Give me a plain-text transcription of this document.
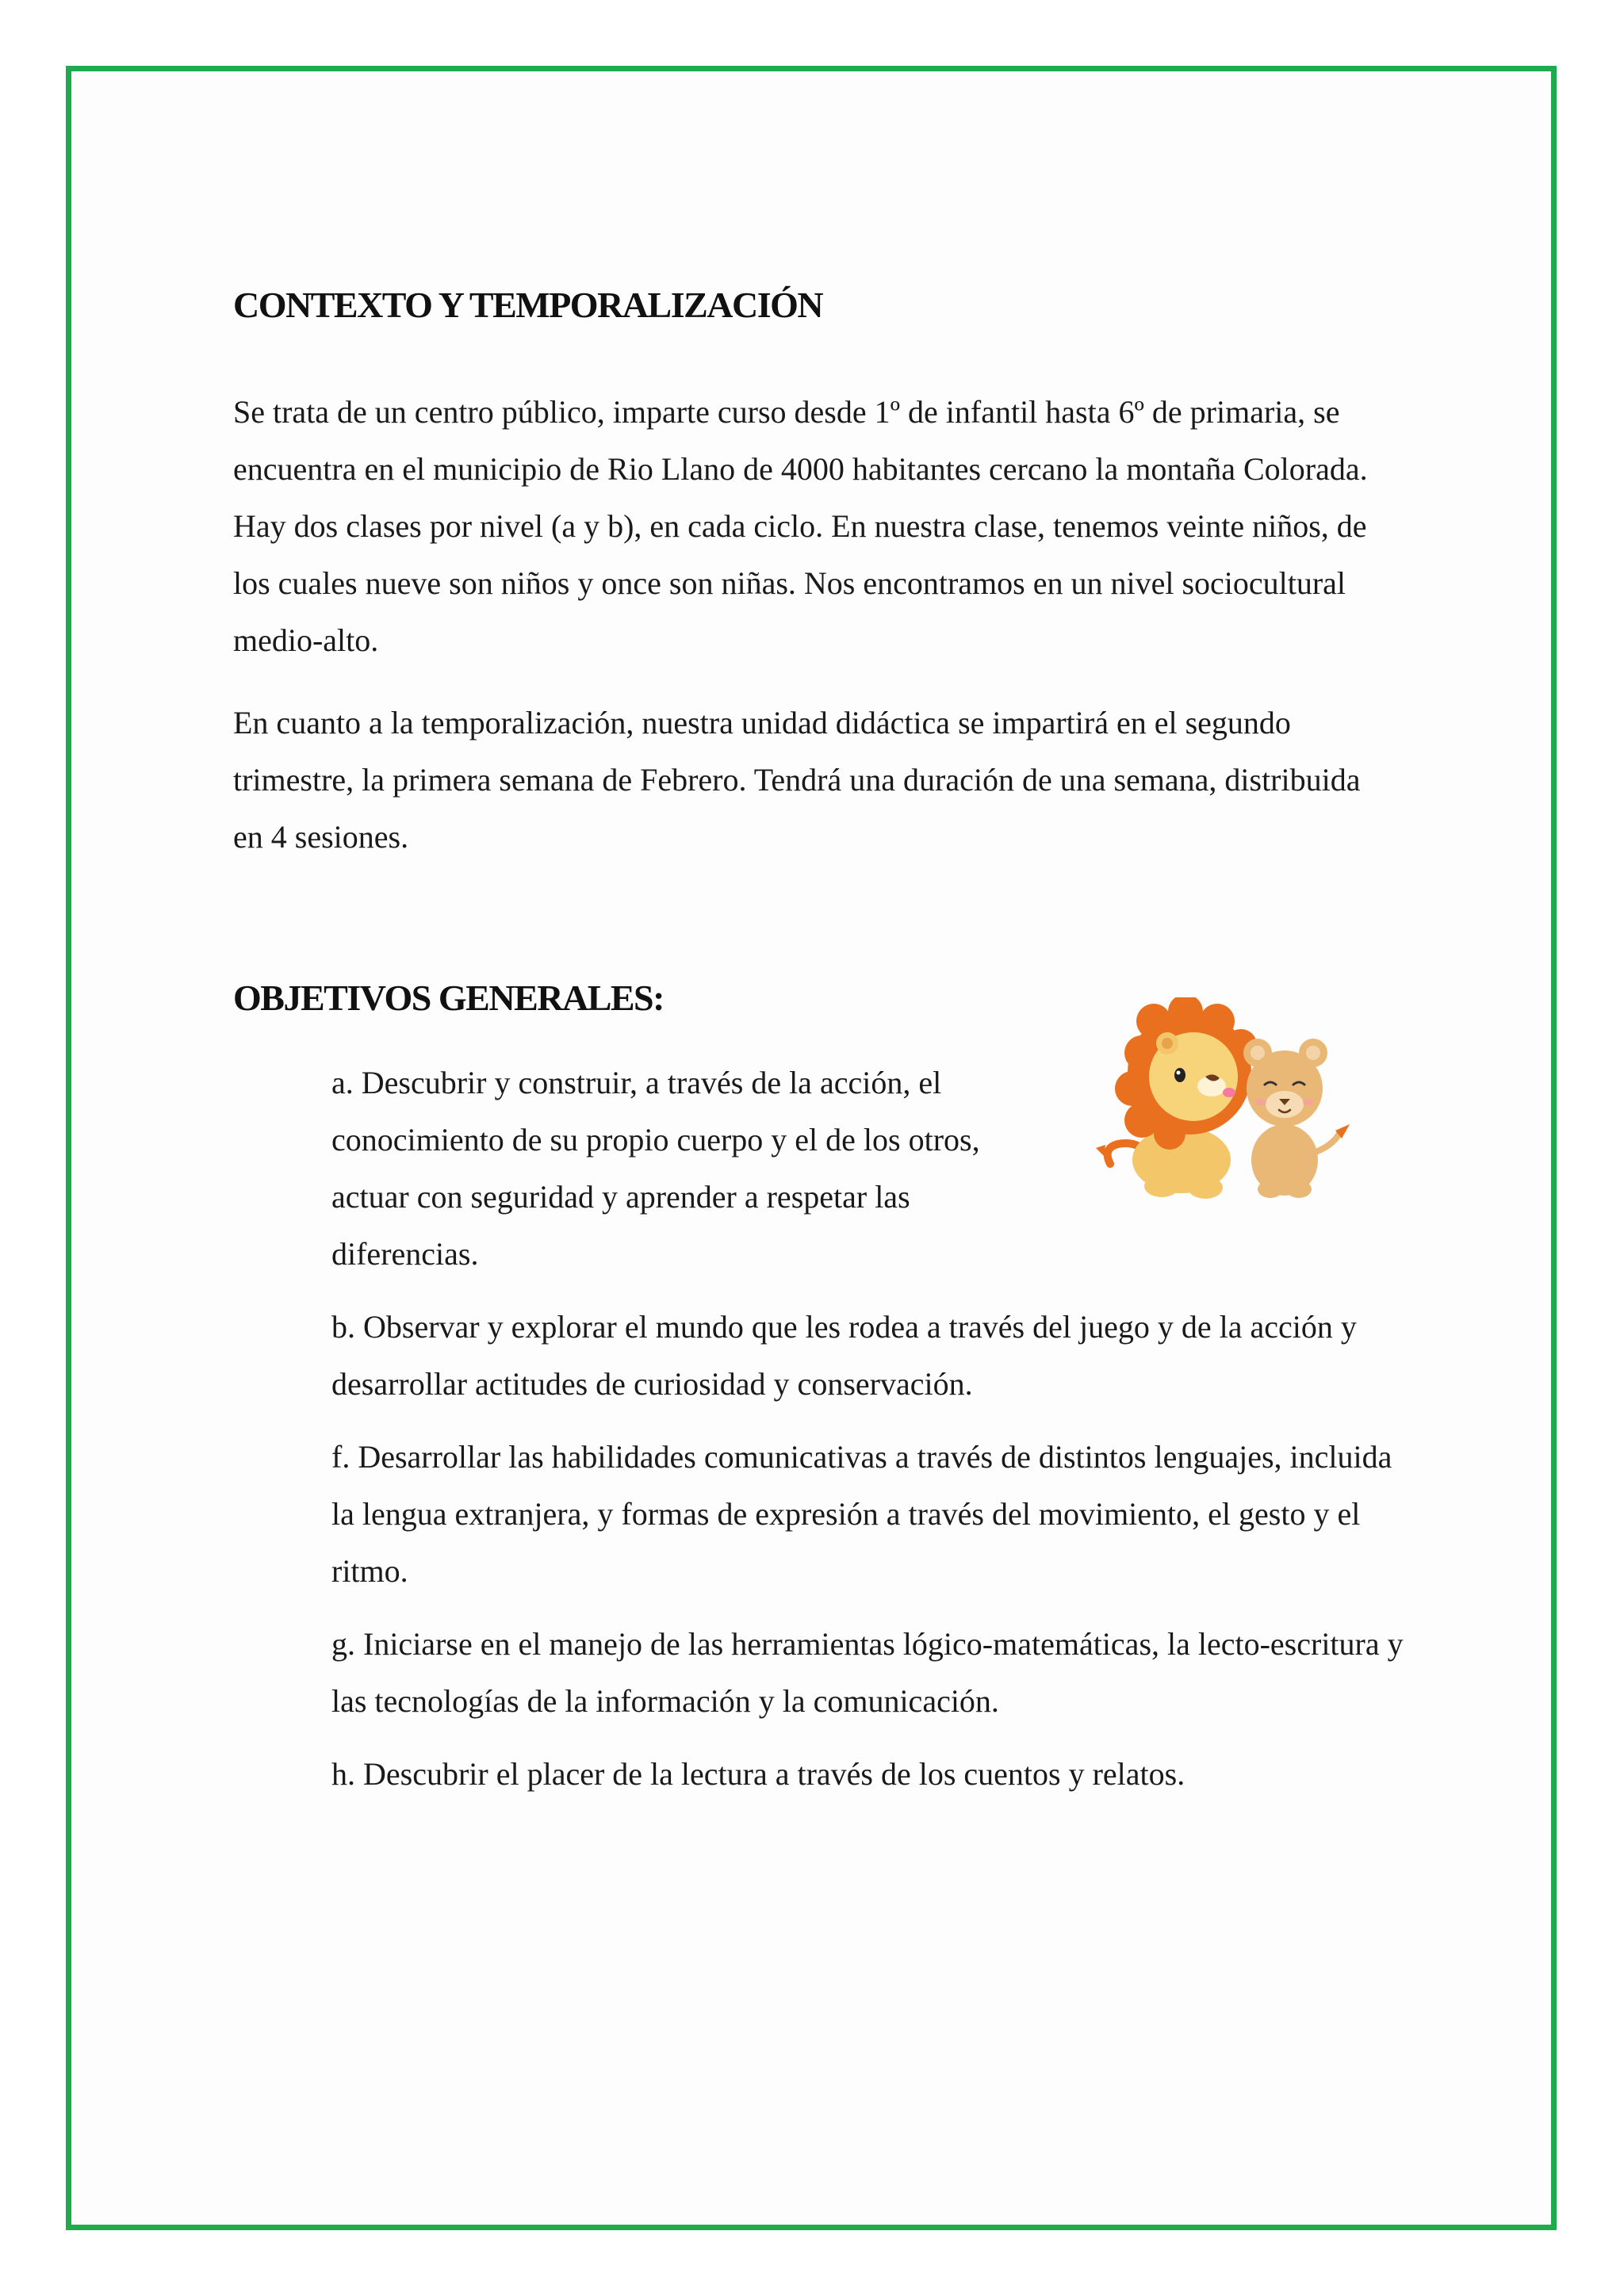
CONTEXTO Y TEMPORALIZACIÓN

Se trata de un centro público, imparte curso desde 1º de infantil hasta 6º de primaria, se encuentra en el municipio de Rio Llano de 4000 habitantes cercano la montaña Colorada. Hay dos clases por nivel (a y b), en cada ciclo. En nuestra clase, tenemos veinte niños, de los cuales nueve son niños y once son niñas. Nos encontramos en un nivel sociocultural medio-alto.

En cuanto a la temporalización, nuestra unidad didáctica se impartirá en el segundo trimestre, la primera semana de Febrero. Tendrá una duración de una semana, distribuida en 4 sesiones.

OBJETIVOS GENERALES:
a. Descubrir y construir, a través de la acción, el conocimiento de su propio cuerpo y el de los otros, actuar con seguridad y aprender a respetar las diferencias.
b. Observar y explorar el mundo que les rodea a través del juego y de la acción y desarrollar actitudes de curiosidad y conservación.
f. Desarrollar las habilidades comunicativas a través de distintos lenguajes, incluida la lengua extranjera, y formas de expresión a través del movimiento, el gesto y el ritmo.
g. Iniciarse en el manejo de las herramientas lógico-matemáticas, la lecto-escritura y las tecnologías de la información y la comunicación.
h. Descubrir el placer de la lectura a través de los cuentos y relatos.
